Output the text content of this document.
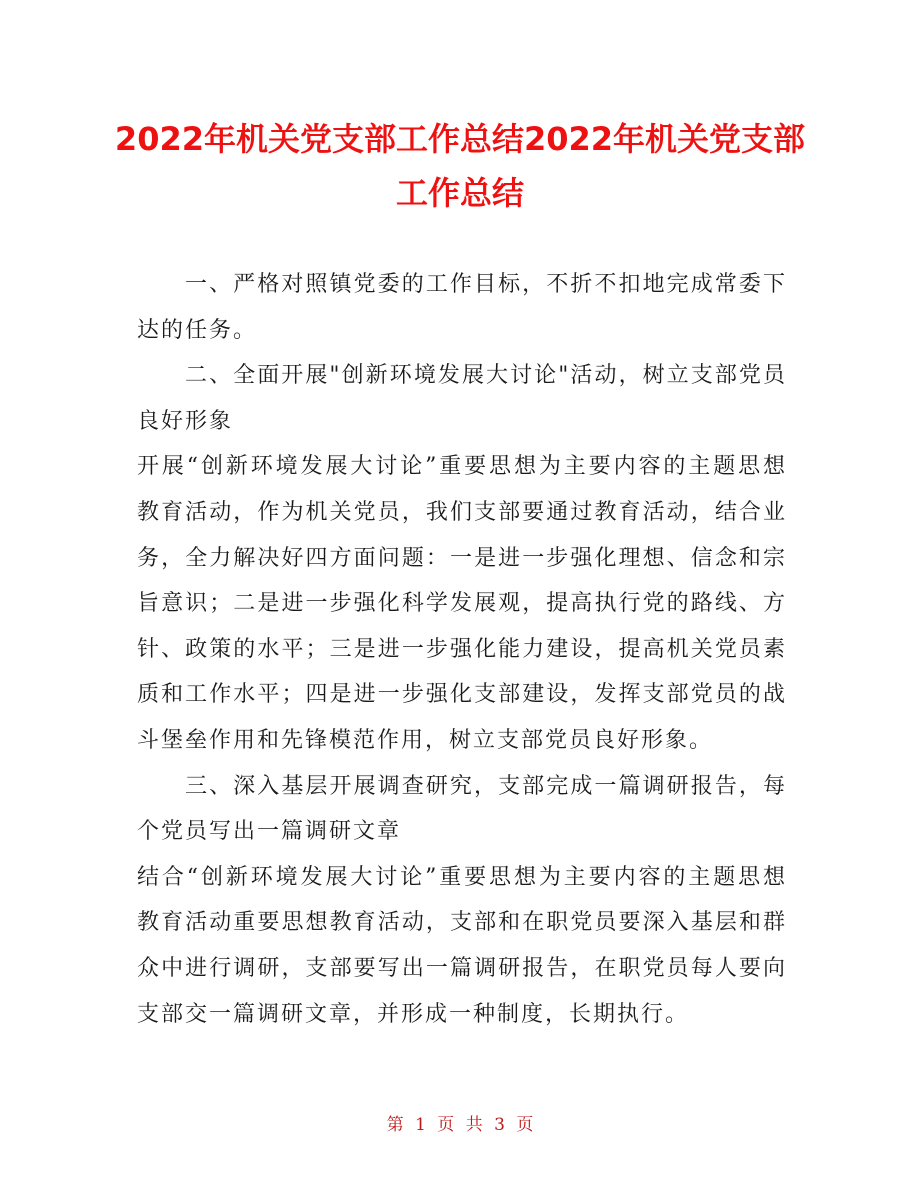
2022年机关党支部工作总结2022年机关党支部工作总结

一、严格对照镇党委的工作目标，不折不扣地完成常委下达的任务。

二、全面开展"创新环境发展大讨论"活动，树立支部党员良好形象

开展“创新环境发展大讨论”重要思想为主要内容的主题思想教育活动，作为机关党员，我们支部要通过教育活动，结合业务，全力解决好四方面问题：一是进一步强化理想、信念和宗旨意识；二是进一步强化科学发展观，提高执行党的路线、方针、政策的水平；三是进一步强化能力建设，提高机关党员素质和工作水平；四是进一步强化支部建设，发挥支部党员的战斗堡垒作用和先锋模范作用，树立支部党员良好形象。

三、深入基层开展调查研究，支部完成一篇调研报告，每个党员写出一篇调研文章

结合“创新环境发展大讨论”重要思想为主要内容的主题思想教育活动重要思想教育活动，支部和在职党员要深入基层和群众中进行调研，支部要写出一篇调研报告，在职党员每人要向支部交一篇调研文章，并形成一种制度，长期执行。

第 1 页 共 3 页
